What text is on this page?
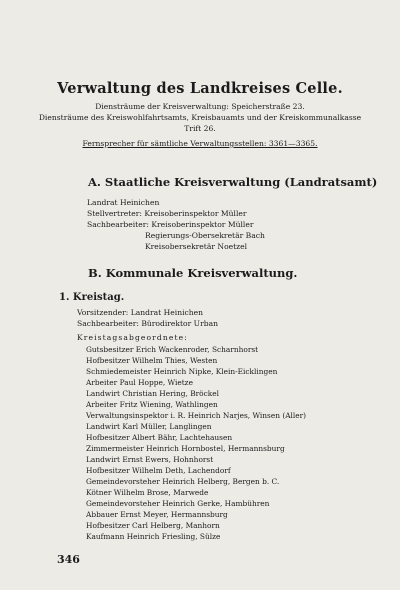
Verwaltung des Landkreises Celle.
Diensträume der Kreisverwaltung: Speicherstraße 23.
Diensträume des Kreiswohlfahrtsamts, Kreisbauamts und der Kreiskommunalkasse
Trift 26.
Fernsprecher für sämtliche Verwaltungsstellen: 3361—3365.
A. Staatliche Kreisverwaltung (Landratsamt)
Landrat Heinichen
Stellvertreter: Kreisoberinspektor Müller
Sachbearbeiter: Kreisoberinspektor Müller
Regierungs-Obersekretär Bach
Kreisobersekretär Noetzel
B. Kommunale Kreisverwaltung.
1. Kreistag.
Vorsitzender: Landrat Heinichen
Sachbearbeiter: Bürodirektor Urban
Kreistagsabgeordnete:
Gutsbesitzer Erich Wackenroder, Scharnhorst
Hofbesitzer Wilhelm Thies, Westen
Schmiedemeister Heinrich Nipke, Klein-Eicklingen
Arbeiter Paul Hoppe, Wietze
Landwirt Christian Hering, Bröckel
Arbeiter Fritz Wiening, Wathlingen
Verwaltungsinspektor i. R. Heinrich Narjes, Winsen (Aller)
Landwirt Karl Müller, Langlingen
Hofbesitzer Albert Bähr, Lachtehausen
Zimmermeister Heinrich Hornbostel, Hermannsburg
Landwirt Ernst Ewers, Hohnhorst
Hofbesitzer Wilhelm Deth, Lachendorf
Gemeindevorsteher Heinrich Helberg, Bergen b. C.
Kötner Wilhelm Brose, Marwede
Gemeindevorsteher Heinrich Gerke, Hambühren
Abbauer Ernst Meyer, Hermannsburg
Hofbesitzer Carl Helberg, Manhorn
Kaufmann Heinrich Friesling, Sülze
346
